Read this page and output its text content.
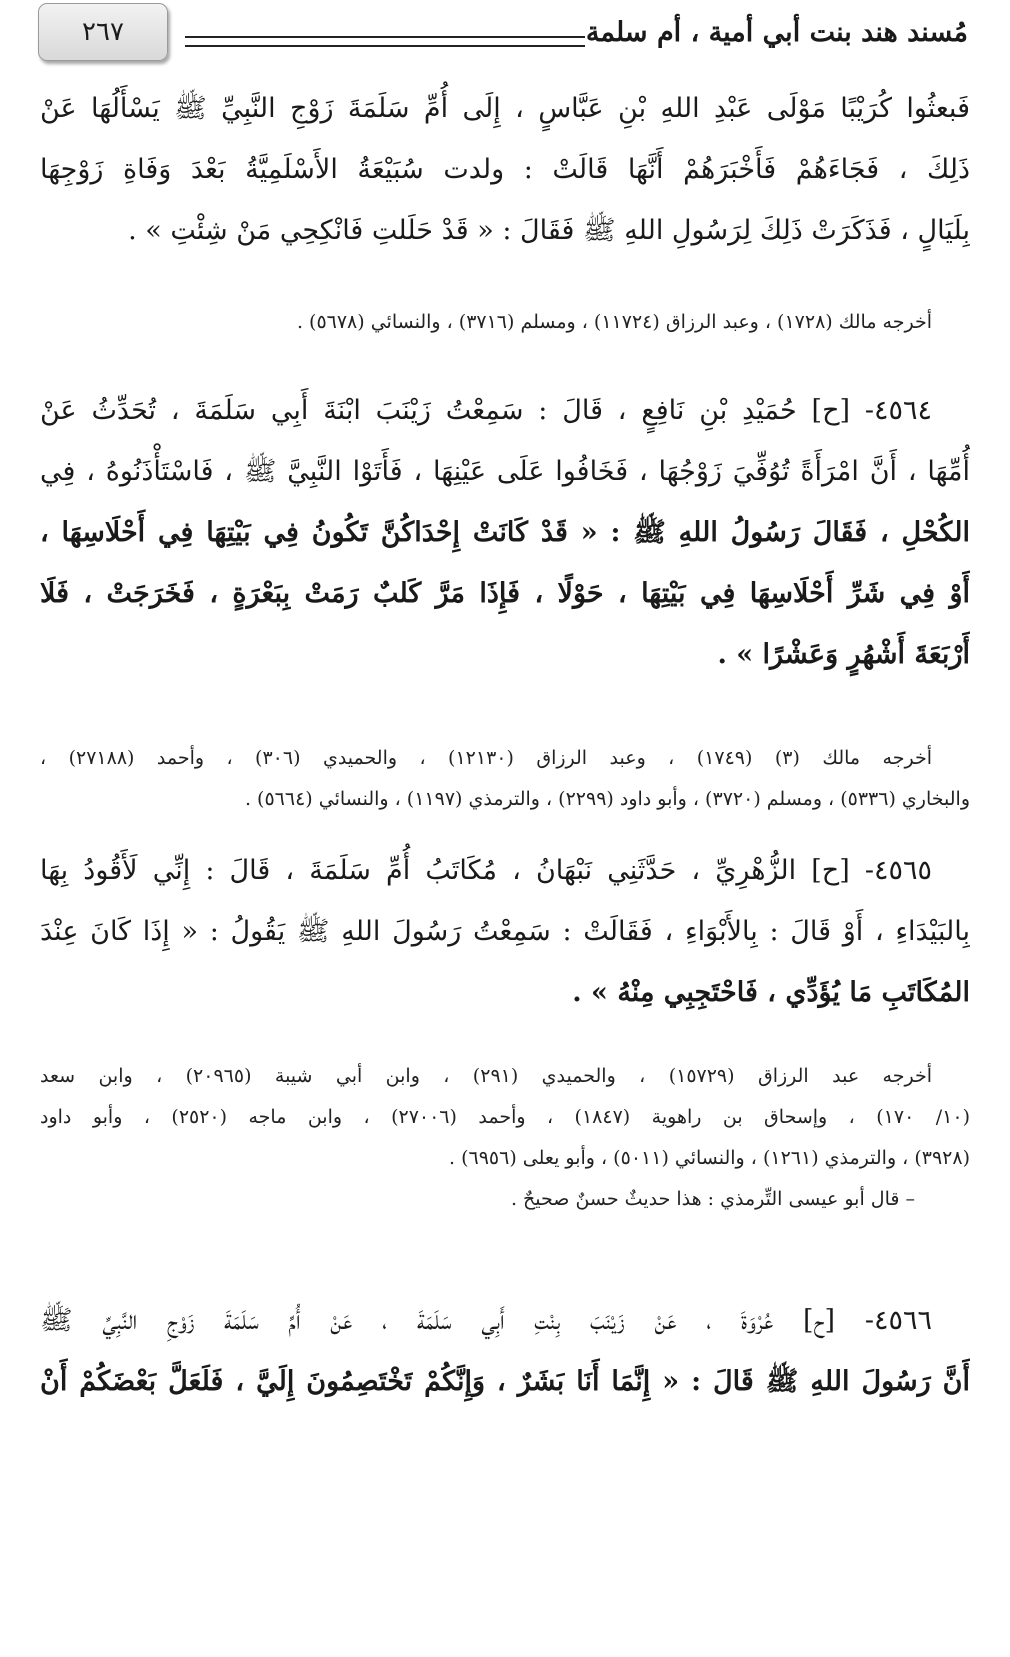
٢٦٧	مُسند هند بنت أبي أمية ، أم سلمة
فَبعثُوا كُرَيْبًا مَوْلَى عَبْدِ اللهِ بْنِ عَبَّاسٍ ، إِلَى أُمِّ سَلَمَةَ زَوْجِ النَّبِيِّ ﷺ يَسْأَلُهَا عَنْ
ذَلِكَ ، فَجَاءَهُمْ فَأَخْبَرَهُمْ أَنَّهَا قَالَتْ : ولدت سُبَيْعَةُ الأَسْلَمِيَّةُ بَعْدَ وَفَاةِ زَوْجِهَا
بِلَيَالٍ ، فَذَكَرَتْ ذَلِكَ لِرَسُولِ اللهِ ﷺ فَقَالَ : « قَدْ حَلَلتِ فَانْكِحِي مَنْ شِئْتِ » .
أخرجه مالك (١٧٢٨) ، وعبد الرزاق (١١٧٢٤) ، ومسلم (٣٧١٦) ، والنسائي (٥٦٧٨) .
٤٥٦٤- [ح] حُمَيْدِ بْنِ نَافِعٍ ، قَالَ : سَمِعْتُ زَيْنَبَ ابْنَةَ أَبِي سَلَمَةَ ، تُحَدِّثُ عَنْ
أُمِّهَا ، أَنَّ امْرَأَةً تُوُفِّيَ زَوْجُهَا ، فَخَافُوا عَلَى عَيْنِهَا ، فَأَتَوْا النَّبِيَّ ﷺ ، فَاسْتَأْذَنُوهُ ، فِي
الكُحْلِ ، فَقَالَ رَسُولُ اللهِ ﷺ : « قَدْ كَانَتْ إِحْدَاكُنَّ تَكُونُ فِي بَيْتِهَا فِي أَحْلَاسِهَا ،
أَوْ فِي شَرِّ أَحْلَاسِهَا فِي بَيْتِهَا ، حَوْلًا ، فَإِذَا مَرَّ كَلبٌ رَمَتْ بِبَعْرَةٍ ، فَخَرَجَتْ ، فَلَا
أَرْبَعَةَ أَشْهُرٍ وَعَشْرًا » .
أخرجه مالك (٣) (١٧٤٩) ، وعبد الرزاق (١٢١٣٠) ، والحميدي (٣٠٦) ، وأحمد (٢٧١٨٨) ،
والبخاري (٥٣٣٦) ، ومسلم (٣٧٢٠) ، وأبو داود (٢٢٩٩) ، والترمذي (١١٩٧) ، والنسائي (٥٦٦٤) .
٤٥٦٥- [ح] الزُّهْرِيِّ ، حَدَّثَنِي نَبْهَانُ ، مُكَاتَبُ أُمِّ سَلَمَةَ ، قَالَ : إِنِّي لَأَقُودُ بِهَا
بِالبَيْدَاءِ ، أَوْ قَالَ : بِالأَبْوَاءِ ، فَقَالَتْ : سَمِعْتُ رَسُولَ اللهِ ﷺ يَقُولُ : « إِذَا كَانَ عِنْدَ
المُكَاتَبِ مَا يُؤَدِّي ، فَاحْتَجِبِي مِنْهُ » .
أخرجه عبد الرزاق (١٥٧٢٩) ، والحميدي (٢٩١) ، وابن أبي شيبة (٢٠٩٦٥) ، وابن سعد
(١٠/ ١٧٠) ، وإسحاق بن راهوية (١٨٤٧) ، وأحمد (٢٧٠٠٦) ، وابن ماجه (٢٥٢٠) ، وأبو داود
(٣٩٢٨) ، والترمذي (١٢٦١) ، والنسائي (٥٠١١) ، وأبو يعلى (٦٩٥٦) .
– قال أبو عيسى التِّرمذي : هذا حديثٌ حسنٌ صحيحٌ .
٤٥٦٦- [ح] عُرْوَةَ ، عَنْ زَيْنَبَ بِنْتِ أَبِي سَلَمَةَ ، عَنْ أُمِّ سَلَمَةَ زَوْجِ النَّبِيِّ ﷺ
أَنَّ رَسُولَ اللهِ ﷺ قَالَ : « إِنَّمَا أَنَا بَشَرٌ ، وَإِنَّكُمْ تَخْتَصِمُونَ إِلَيَّ ، فَلَعَلَّ بَعْضَكُمْ أَنْ
